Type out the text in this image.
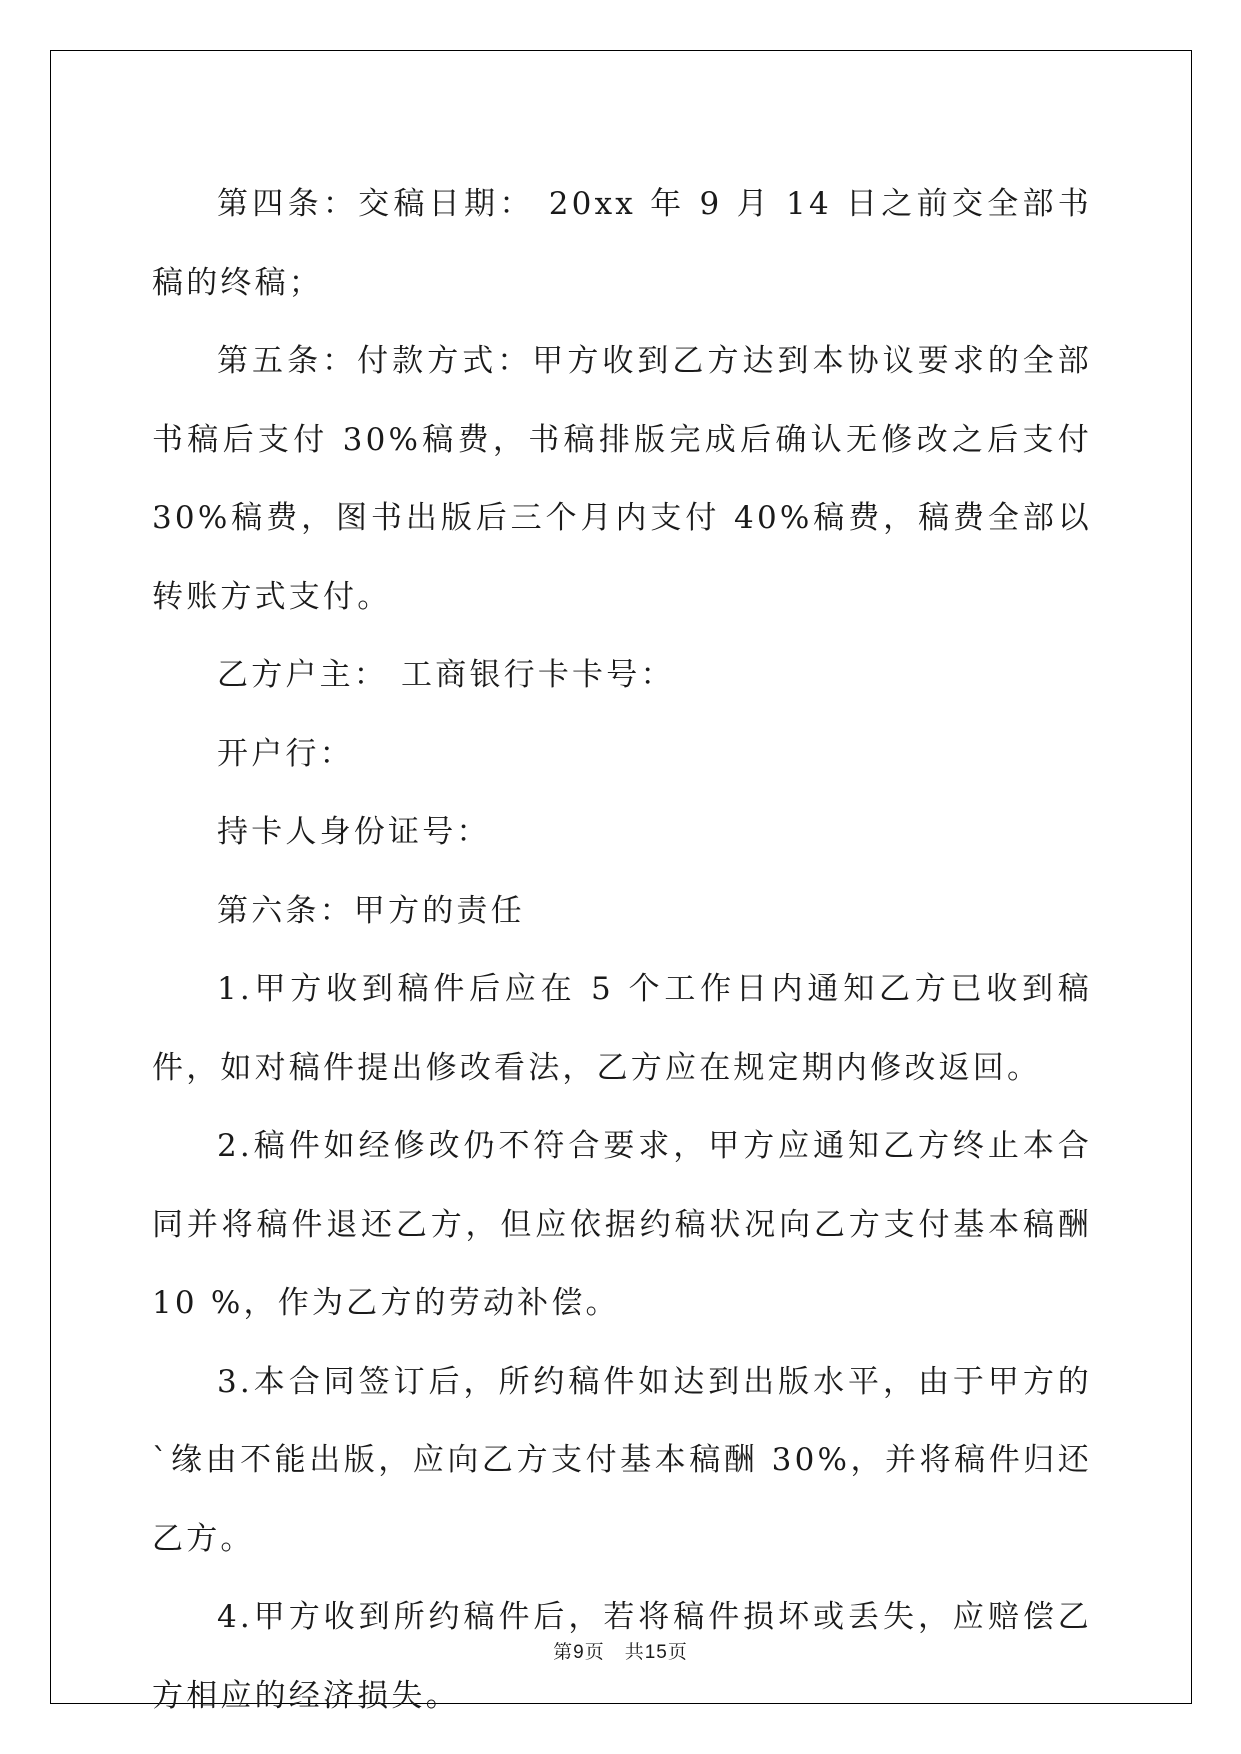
第四条：交稿日期： 20xx 年 9 月 14 日之前交全部书稿的终稿；

第五条：付款方式：甲方收到乙方达到本协议要求的全部书稿后支付 30%稿费，书稿排版完成后确认无修改之后支付 30%稿费，图书出版后三个月内支付 40%稿费，稿费全部以转账方式支付。

乙方户主： 工商银行卡卡号：

开户行：

持卡人身份证号：

第六条：甲方的责任

1.甲方收到稿件后应在 5 个工作日内通知乙方已收到稿件，如对稿件提出修改看法，乙方应在规定期内修改返回。

2.稿件如经修改仍不符合要求，甲方应通知乙方终止本合同并将稿件退还乙方，但应依据约稿状况向乙方支付基本稿酬 10 %，作为乙方的劳动补偿。

3.本合同签订后，所约稿件如达到出版水平，由于甲方的`缘由不能出版，应向乙方支付基本稿酬 30%，并将稿件归还乙方。

4.甲方收到所约稿件后，若将稿件损坏或丢失，应赔偿乙方相应的经济损失。

第9页　共15页
